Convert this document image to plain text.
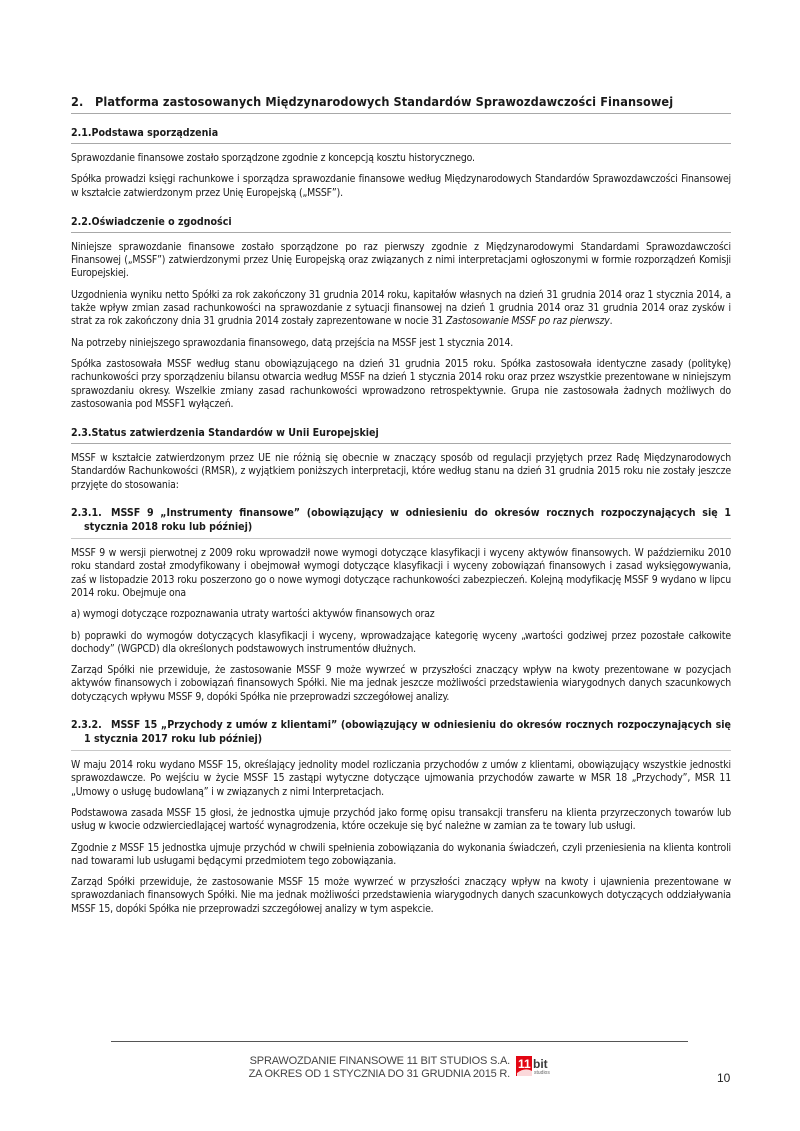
2. Platforma zastosowanych Międzynarodowych Standardów Sprawozdawczości Finansowej
2.1.Podstawa sporządzenia

Sprawozdanie finansowe zostało sporządzone zgodnie z koncepcją kosztu historycznego.

Spółka prowadzi księgi rachunkowe i sporządza sprawozdanie finansowe według Międzynarodowych Standardów Sprawozdawczości Finansowej w kształcie zatwierdzonym przez Unię Europejską („MSSF”).

2.2.Oświadczenie o zgodności

Niniejsze sprawozdanie finansowe zostało sporządzone po raz pierwszy zgodnie z Międzynarodowymi Standardami Sprawozdawczości Finansowej („MSSF”) zatwierdzonymi przez Unię Europejską oraz związanych z nimi interpretacjami ogłoszonymi w formie rozporządzeń Komisji Europejskiej.

Uzgodnienia wyniku netto Spółki za rok zakończony 31 grudnia 2014 roku, kapitałów własnych na dzień 31 grudnia 2014 oraz 1 stycznia 2014, a także wpływ zmian zasad rachunkowości na sprawozdanie z sytuacji finansowej na dzień 1 grudnia 2014 oraz 31 grudnia 2014 oraz zysków i strat za rok zakończony dnia 31 grudnia 2014 zostały zaprezentowane w nocie 31 Zastosowanie MSSF po raz pierwszy.

Na potrzeby niniejszego sprawozdania finansowego, datą przejścia na MSSF jest 1 stycznia 2014.

Spółka zastosowała MSSF według stanu obowiązującego na dzień 31 grudnia 2015 roku. Spółka zastosowała identyczne zasady (politykę) rachunkowości przy sporządzeniu bilansu otwarcia według MSSF na dzień 1 stycznia 2014 roku oraz przez wszystkie prezentowane w niniejszym sprawozdaniu okresy. Wszelkie zmiany zasad rachunkowości wprowadzono retrospektywnie. Grupa nie zastosowała żadnych możliwych do zastosowania pod MSSF1 wyłączeń.

2.3.Status zatwierdzenia Standardów w Unii Europejskiej

MSSF w kształcie zatwierdzonym przez UE nie różnią się obecnie w znaczący sposób od regulacji przyjętych przez Radę Międzynarodowych Standardów Rachunkowości (RMSR), z wyjątkiem poniższych interpretacji, które według stanu na dzień 31 grudnia 2015 roku nie zostały jeszcze przyjęte do stosowania:

2.3.1. MSSF 9 „Instrumenty finansowe” (obowiązujący w odniesieniu do okresów rocznych rozpoczynających się 1 stycznia 2018 roku lub później)

MSSF 9 w wersji pierwotnej z 2009 roku wprowadził nowe wymogi dotyczące klasyfikacji i wyceny aktywów finansowych. W październiku 2010 roku standard został zmodyfikowany i obejmował wymogi dotyczące klasyfikacji i wyceny zobowiązań finansowych i zasad wyksięgowywania, zaś w listopadzie 2013 roku poszerzono go o nowe wymogi dotyczące rachunkowości zabezpieczeń. Kolejną modyfikację MSSF 9 wydano w lipcu 2014 roku. Obejmuje ona

a) wymogi dotyczące rozpoznawania utraty wartości aktywów finansowych oraz

b) poprawki do wymogów dotyczących klasyfikacji i wyceny, wprowadzające kategorię wyceny „wartości godziwej przez pozostałe całkowite dochody” (WGPCD) dla określonych podstawowych instrumentów dłużnych.

Zarząd Spółki nie przewiduje, że zastosowanie MSSF 9 może wywrzeć w przyszłości znaczący wpływ na kwoty prezentowane w pozycjach aktywów finansowych i zobowiązań finansowych Spółki. Nie ma jednak jeszcze możliwości przedstawienia wiarygodnych danych szacunkowych dotyczących wpływu MSSF 9, dopóki Spółka nie przeprowadzi szczegółowej analizy.

2.3.2. MSSF 15 „Przychody z umów z klientami” (obowiązujący w odniesieniu do okresów rocznych rozpoczynających się 1 stycznia 2017 roku lub później)

W maju 2014 roku wydano MSSF 15, określający jednolity model rozliczania przychodów z umów z klientami, obowiązujący wszystkie jednostki sprawozdawcze. Po wejściu w życie MSSF 15 zastąpi wytyczne dotyczące ujmowania przychodów zawarte w MSR 18 „Przychody”, MSR 11 „Umowy o usługę budowlaną” i w związanych z nimi Interpretacjach.

Podstawowa zasada MSSF 15 głosi, że jednostka ujmuje przychód jako formę opisu transakcji transferu na klienta przyrzeczonych towarów lub usług w kwocie odzwierciedlającej wartość wynagrodzenia, które oczekuje się być należne w zamian za te towary lub usługi.

Zgodnie z MSSF 15 jednostka ujmuje przychód w chwili spełnienia zobowiązania do wykonania świadczeń, czyli przeniesienia na klienta kontroli nad towarami lub usługami będącymi przedmiotem tego zobowiązania.

Zarząd Spółki przewiduje, że zastosowanie MSSF 15 może wywrzeć w przyszłości znaczący wpływ na kwoty i ujawnienia prezentowane w sprawozdaniach finansowych Spółki. Nie ma jednak możliwości przedstawienia wiarygodnych danych szacunkowych dotyczących oddziaływania MSSF 15, dopóki Spółka nie przeprowadzi szczegółowej analizy w tym aspekcie.

SPRAWOZDANIE FINANSOWE 11 BIT STUDIOS S.A.
ZA OKRES OD 1 STYCZNIA DO 31 GRUDNIA 2015 R.
11 bit
studios	10
